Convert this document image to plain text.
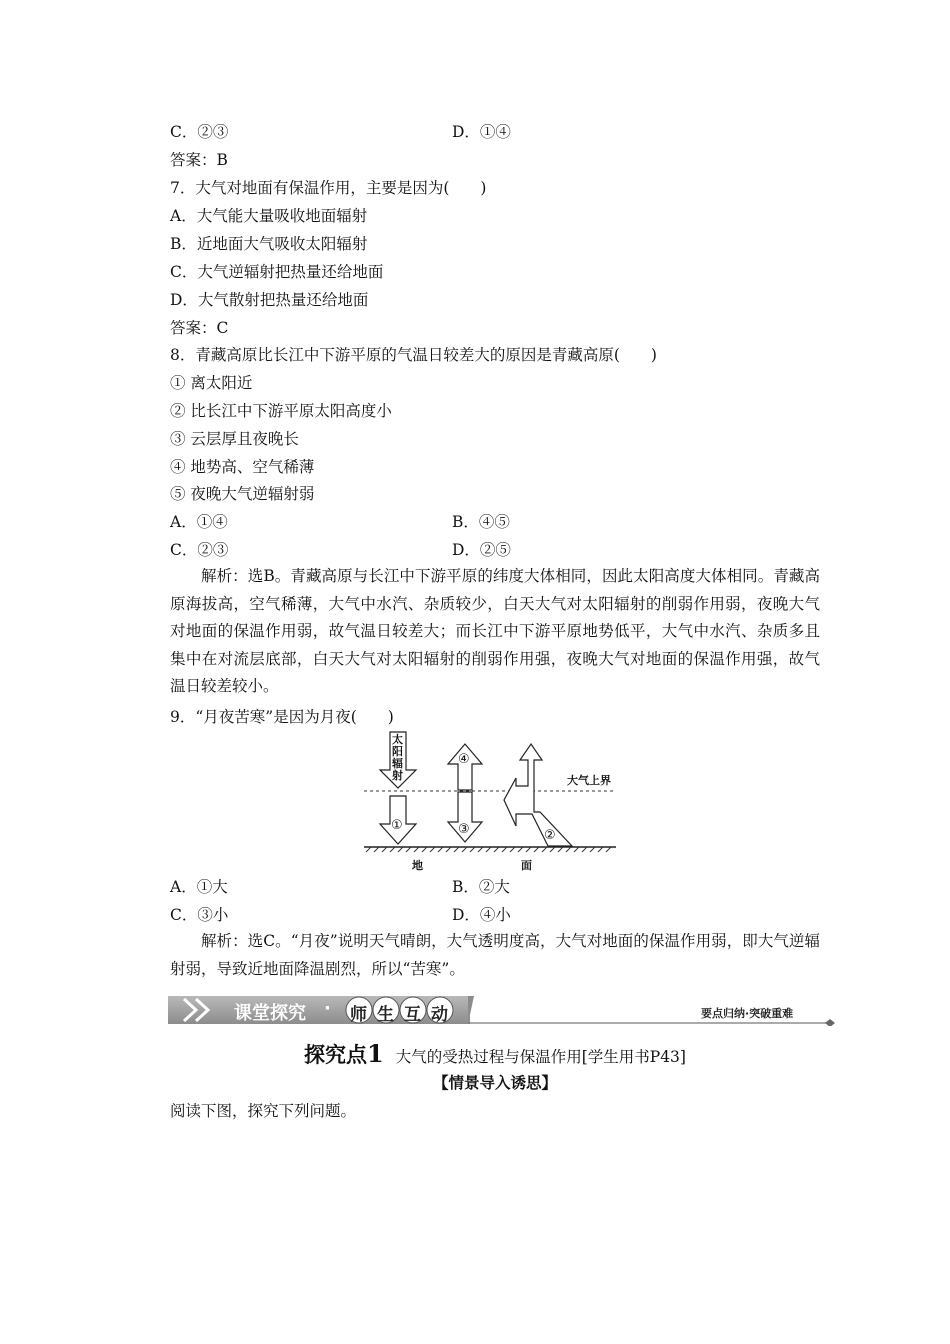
C．②③	D．①④
答案：B
7．大气对地面有保温作用，主要是因为(　　)
A．大气能大量吸收地面辐射
B．近地面大气吸收太阳辐射
C．大气逆辐射把热量还给地面
D．大气散射把热量还给地面
答案：C
8．青藏高原比长江中下游平原的气温日较差大的原因是青藏高原(　　)
① 离太阳近
② 比长江中下游平原太阳高度小
③ 云层厚且夜晚长
④ 地势高、空气稀薄
⑤ 夜晚大气逆辐射弱
A．①④	B．④⑤
C．②③	D．②⑤
解析：选B。青藏高原与长江中下游平原的纬度大体相同，因此太阳高度大体相同。青藏高原海拔高，空气稀薄，大气中水汽、杂质较少，白天大气对太阳辐射的削弱作用弱，夜晚大气对地面的保温作用弱，故气温日较差大；而长江中下游平原地势低平，大气中水汽、杂质多且集中在对流层底部，白天大气对太阳辐射的削弱作用强，夜晚大气对地面的保温作用强，故气温日较差较小。
9．“月夜苦寒”是因为月夜(　　)
太
阳
辐
射	大气上界
地	面
①
②
③
④
A．①大	B．②大
C．③小	D．④小
解析：选C。“月夜”说明天气晴朗，大气透明度高，大气对地面的保温作用弱，即大气逆辐射弱，导致近地面降温剧烈，所以“苦寒”。
课堂探究 · 师 生 互 动	要点归纳·突破重难
探究点1 大气的受热过程与保温作用[学生用书P43]
【情景导入诱思】
阅读下图，探究下列问题。
